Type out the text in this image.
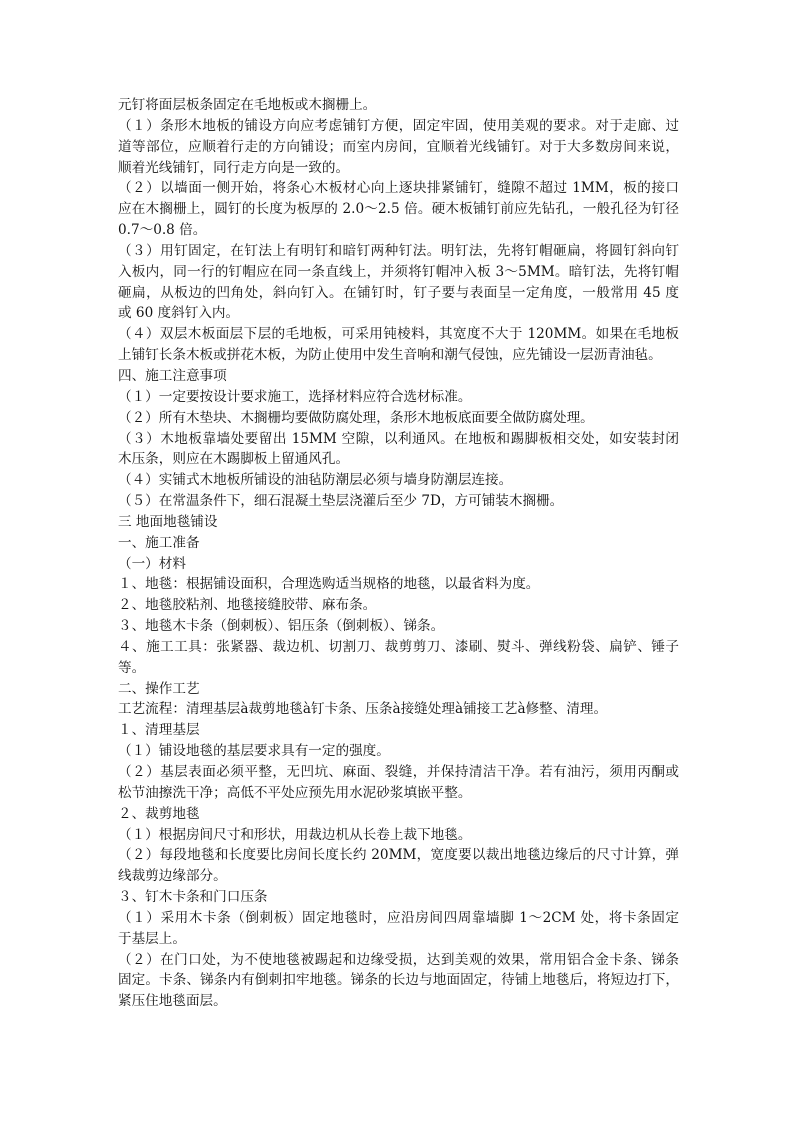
元钉将面层板条固定在毛地板或木搁栅上。
（１）条形木地板的铺设方向应考虑铺钉方便，固定牢固，使用美观的要求。对于走廊、过
道等部位，应顺着行走的方向铺设；而室内房间，宜顺着光线铺钉。对于大多数房间来说，
顺着光线铺钉，同行走方向是一致的。
（２）以墙面一侧开始，将条心木板材心向上逐块排紧铺钉，缝隙不超过 1MM，板的接口
应在木搁栅上，圆钉的长度为板厚的 2.0～2.5 倍。硬木板铺钉前应先钻孔，一般孔径为钉径
0.7～0.8 倍。
（３）用钉固定，在钉法上有明钉和暗钉两种钉法。明钉法，先将钉帽砸扁，将圆钉斜向钉
入板内，同一行的钉帽应在同一条直线上，并须将钉帽冲入板 3～5MM。暗钉法，先将钉帽
砸扁，从板边的凹角处，斜向钉入。在铺钉时，钉子要与表面呈一定角度，一般常用 45 度
或 60 度斜钉入内。
（４）双层木板面层下层的毛地板，可采用钝棱料，其宽度不大于 120MM。如果在毛地板
上铺钉长条木板或拼花木板，为防止使用中发生音响和潮气侵蚀，应先铺设一层沥青油毡。
四、施工注意事项
（１）一定要按设计要求施工，选择材料应符合选材标准。
（２）所有木垫块、木搁栅均要做防腐处理，条形木地板底面要全做防腐处理。
（３）木地板靠墙处要留出 15MM 空隙，以利通风。在地板和踢脚板相交处，如安装封闭
木压条，则应在木踢脚板上留通风孔。
（４）实铺式木地板所铺设的油毡防潮层必须与墙身防潮层连接。
（５）在常温条件下，细石混凝土垫层浇灌后至少 7D，方可铺装木搁栅。
三 地面地毯铺设
一、施工准备
（一）材料
１、地毯：根据铺设面积，合理选购适当规格的地毯，以最省料为度。
２、地毯胶粘剂、地毯接缝胶带、麻布条。
３、地毯木卡条（倒刺板）、铝压条（倒刺板）、锑条。
４、施工工具：张紧器、裁边机、切割刀、裁剪剪刀、漆刷、熨斗、弹线粉袋、扁铲、锤子
等。
二、操作工艺
工艺流程：清理基层à裁剪地毯à钉卡条、压条à接缝处理à铺接工艺à修整、清理。
１、清理基层
（１）铺设地毯的基层要求具有一定的强度。
（２）基层表面必须平整，无凹坑、麻面、裂缝，并保持清洁干净。若有油污，须用丙酮或
松节油擦洗干净；高低不平处应预先用水泥砂浆填嵌平整。
２、裁剪地毯
（１）根据房间尺寸和形状，用裁边机从长卷上裁下地毯。
（２）每段地毯和长度要比房间长度长约 20MM，宽度要以裁出地毯边缘后的尺寸计算，弹
线裁剪边缘部分。
３、钉木卡条和门口压条
（１）采用木卡条（倒刺板）固定地毯时，应沿房间四周靠墙脚 1～2CM 处，将卡条固定
于基层上。
（２）在门口处，为不使地毯被踢起和边缘受损，达到美观的效果，常用铝合金卡条、锑条
固定。卡条、锑条内有倒刺扣牢地毯。锑条的长边与地面固定，待铺上地毯后，将短边打下，
紧压住地毯面层。
